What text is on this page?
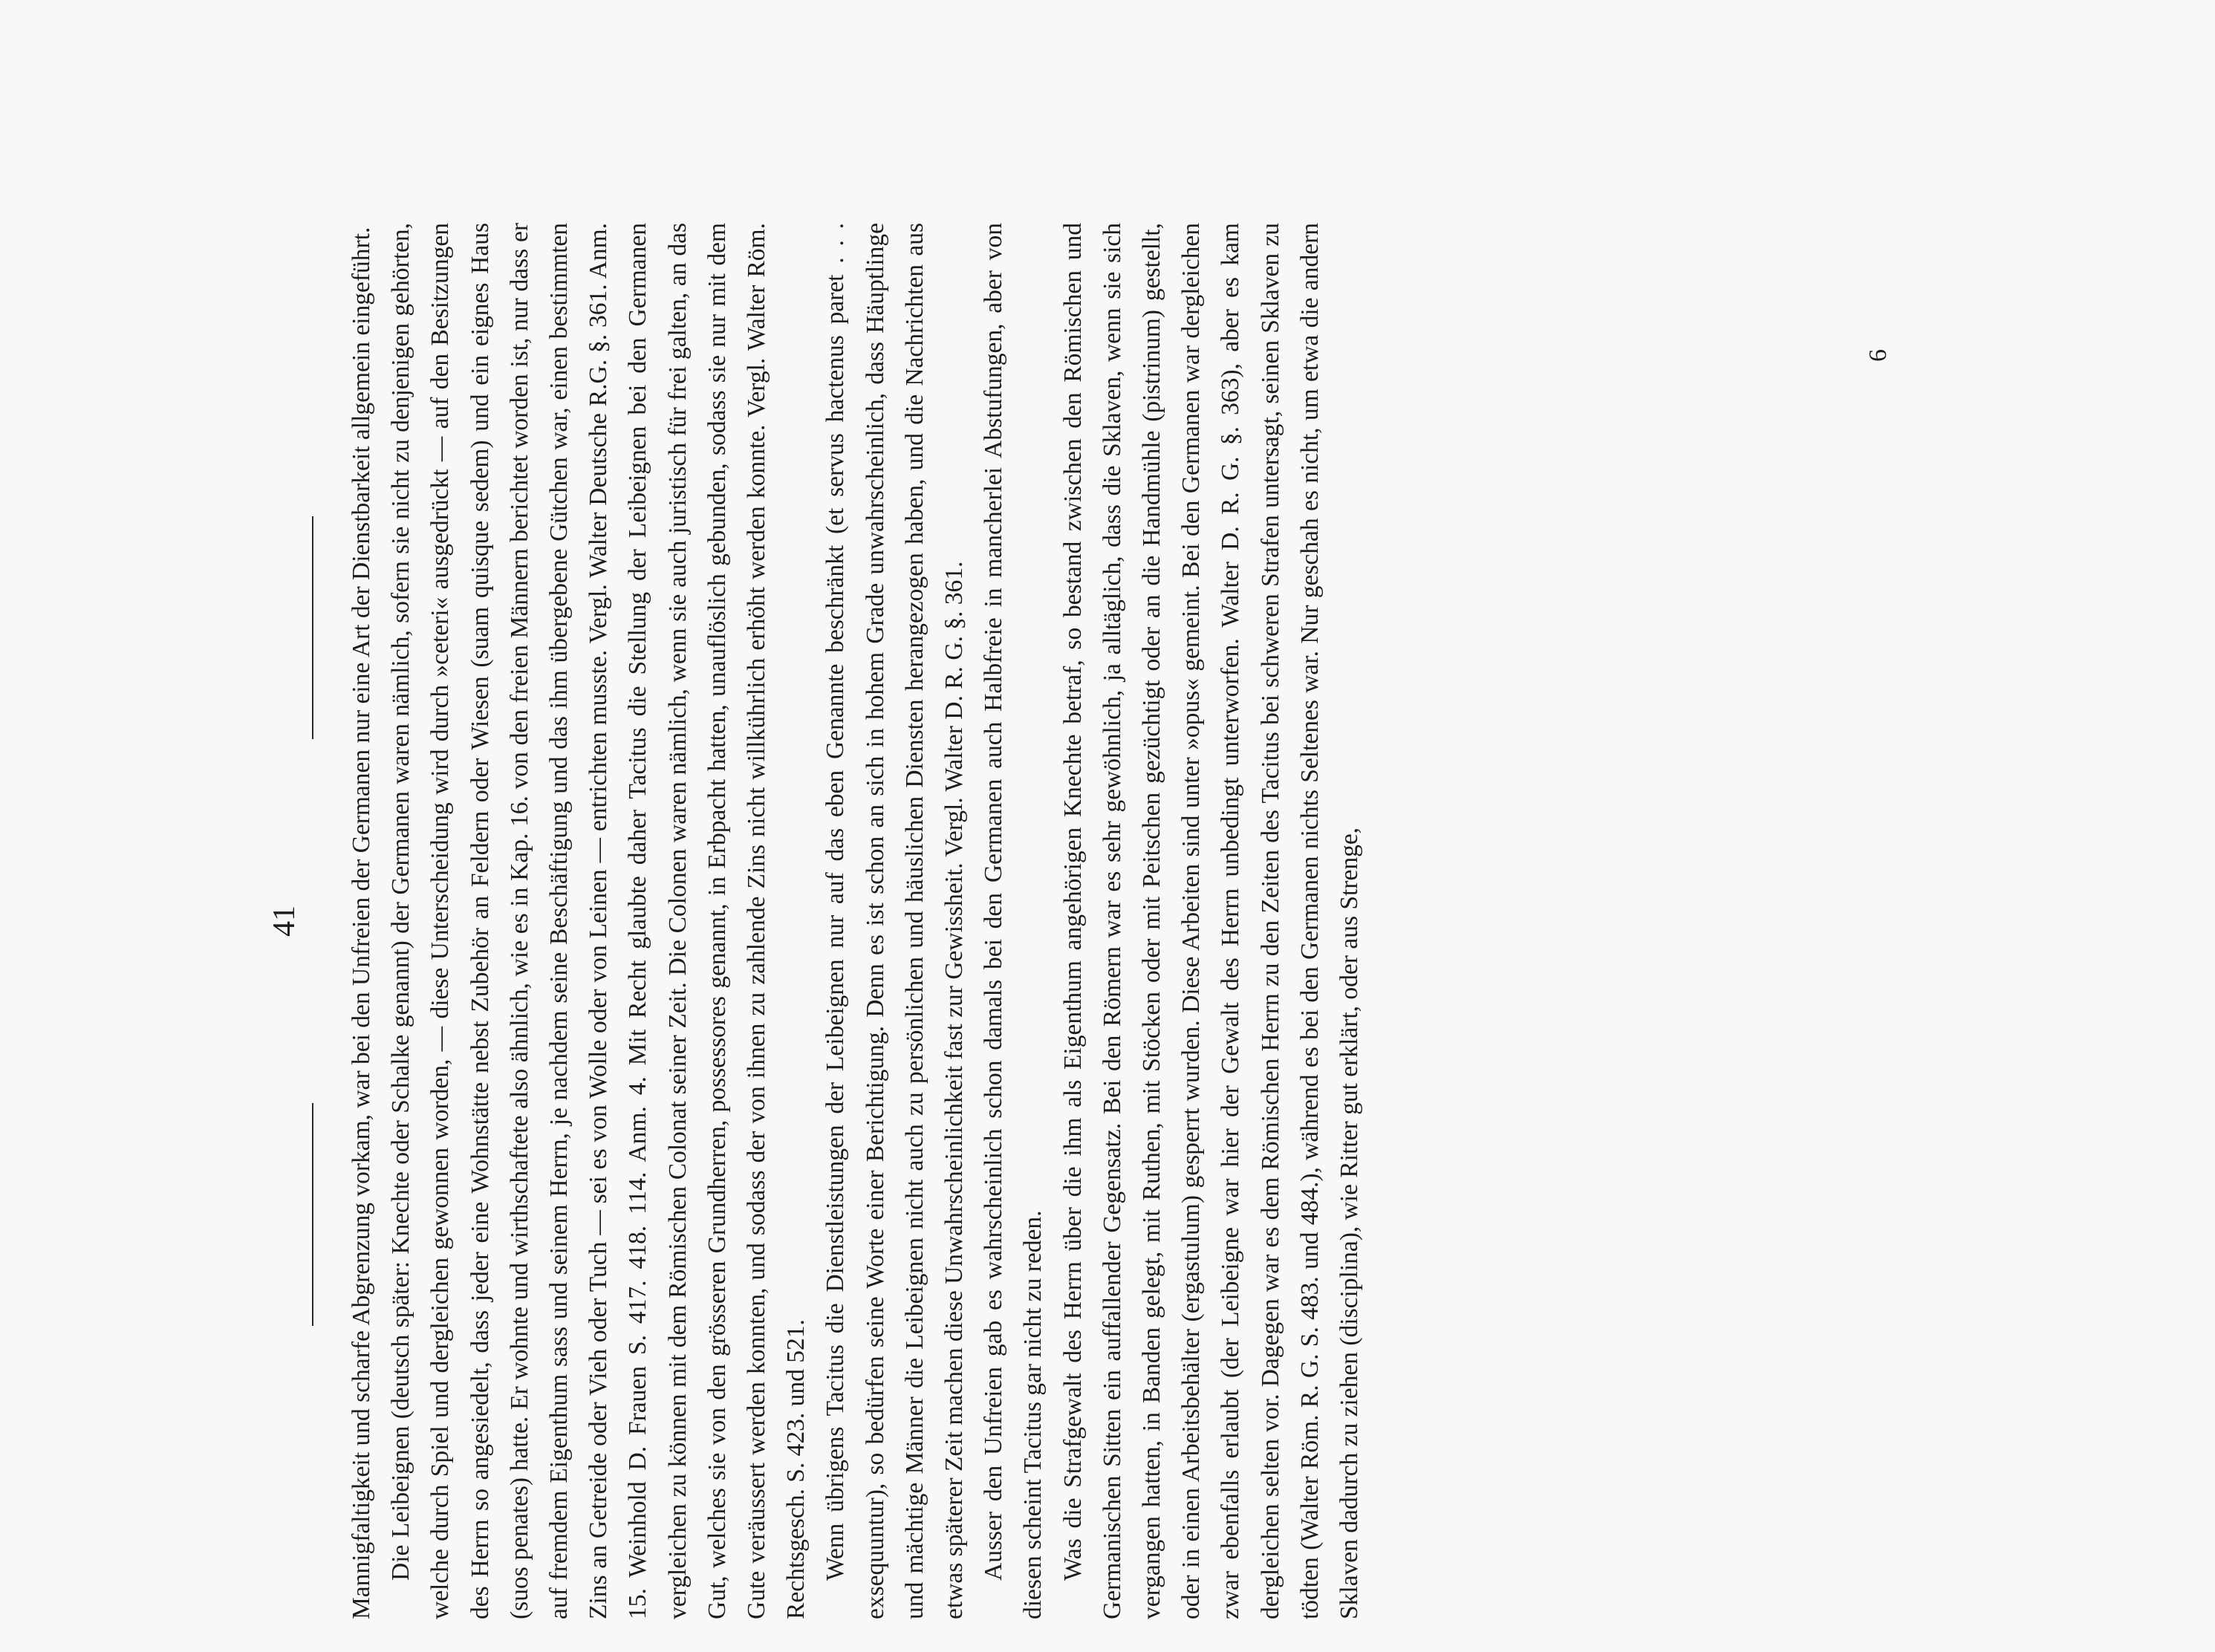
41 Mannigfaltigkeit und scharfe Abgrenzung vorkam, war bei den Unfreien der Germanen nur eine Art der Dienstbarkeit allgemein eingeführt. Die Leibeignen (deutsch später: Knechte oder Schalke genannt) der Germanen waren nämlich, sofern sie nicht zu denjenigen gehörten, welche durch Spiel und dergleichen gewonnen worden, — diese Unterscheidung wird durch »ceteri« ausgedrückt — auf den Besitzungen des Herrn so angesiedelt, dass jeder eine Wohnstätte nebst Zubehör an Feldern oder Wiesen (suam quisque sedem) und ein eignes Haus (suos penates) hatte. Er wohnte und wirthschaftete also ähnlich, wie es in Kap. 16. von den freien Männern berichtet worden ist, nur dass er auf fremdem Eigenthum sass und seinem Herrn, je nachdem seine Beschäftigung und das ihm übergebene Gütchen war, einen bestimmten Zins an Getreide oder Vieh oder Tuch — sei es von Wolle oder von Leinen — entrichten musste. Vergl. Walter Deutsche R.G. §. 361. Anm. 15. Weinhold D. Frauen S. 417. 418. 114. Anm. 4. Mit Recht glaubte daher Tacitus die Stellung der Leibeignen bei den Germanen vergleichen zu können mit dem Römischen Colonat seiner Zeit. Die Colonen waren nämlich, wenn sie auch juristisch für frei galten, an das Gut, welches sie von den grösseren Grundherren, possessores genannt, in Erbpacht hatten, unauflöslich gebunden, sodass sie nur mit dem Gute veräussert werden konnten, und sodass der von ihnen zu zahlende Zins nicht willkührlich erhöht werden konnte. Vergl. Walter Röm. Rechtsgesch. S. 423. und 521. Wenn übrigens Tacitus die Dienstleistungen der Leibeignen nur auf das eben Genannte beschränkt (et servus hactenus paret . . . exsequuntur), so bedürfen seine Worte einer Berichtigung. Denn es ist schon an sich in hohem Grade unwahrscheinlich, dass Häuptlinge und mächtige Männer die Leibeignen nicht auch zu persönlichen und häuslichen Diensten herangezogen haben, und die Nachrichten aus etwas späterer Zeit machen diese Unwahrscheinlichkeit fast zur Gewissheit. Vergl. Walter D. R. G. §. 361. Ausser den Unfreien gab es wahrscheinlich schon damals bei den Germanen auch Halbfreie in mancherlei Abstufungen, aber von diesen scheint Tacitus gar nicht zu reden. Was die Strafgewalt des Herrn über die ihm als Eigenthum angehörigen Knechte betraf, so bestand zwischen den Römischen und Germanischen Sitten ein auffallender Gegensatz. Bei den Römern war es sehr gewöhnlich, ja alltäglich, dass die Sklaven, wenn sie sich vergangen hatten, in Banden gelegt, mit Ruthen, mit Stöcken oder mit Peitschen gezüchtigt oder an die Handmühle (pistrinum) gestellt, oder in einen Arbeitsbehälter (ergastulum) gesperrt wurden. Diese Arbeiten sind unter »opus« gemeint. Bei den Germanen war dergleichen zwar ebenfalls erlaubt (der Leibeigne war hier der Gewalt des Herrn unbedingt unterworfen. Walter D. R. G. §. 363), aber es kam dergleichen selten vor. Dagegen war es dem Römischen Herrn zu den Zeiten des Tacitus bei schweren Strafen untersagt, seinen Sklaven zu tödten (Walter Röm. R. G. S. 483. und 484.), während es bei den Germanen nichts Seltenes war. Nur geschah es nicht, um etwa die andern Sklaven dadurch zu ziehen (disciplina), wie Ritter gut erklärt, oder aus Strenge,

6
